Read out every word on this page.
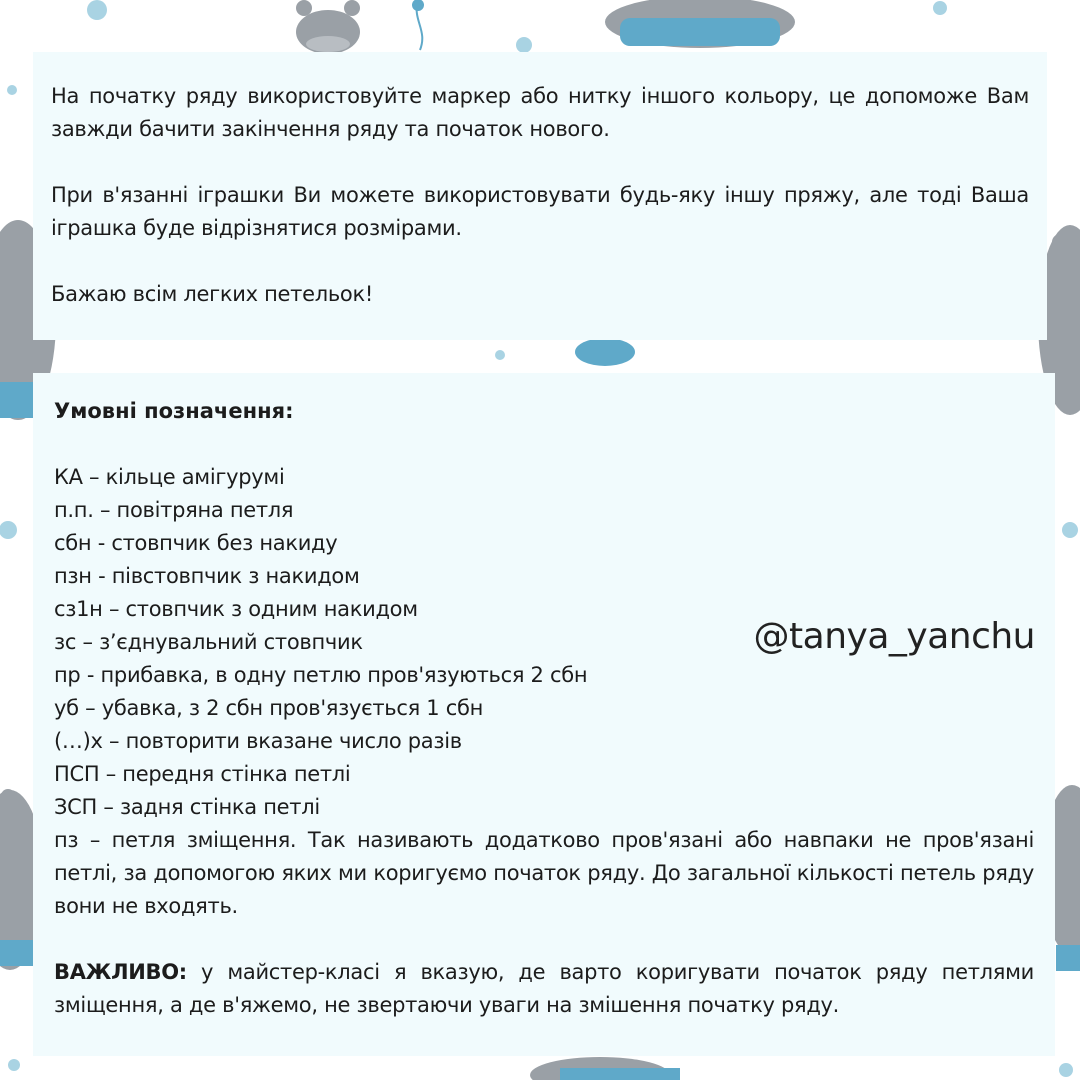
На початку ряду використовуйте маркер або нитку іншого кольору, це допоможе Вам завжди бачити закінчення ряду та початок нового.

При в'язанні іграшки Ви можете використовувати будь-яку іншу пряжу, але тоді Ваша іграшка буде відрізнятися розмірами.

Бажаю всім легких петельок!

Умовні позначення:

КА – кільце амігурумі

п.п. – повітряна петля

сбн - стовпчик без накиду

пзн - півстовпчик з накидом

сз1н – стовпчик з одним накидом

зс – з’єднувальний стовпчик

пр - прибавка, в одну петлю пров'язуються 2 сбн

уб – убавка, з 2 сбн пров'язується 1 сбн

(…)х – повторити вказане число разів

ПСП – передня стінка петлі

ЗСП – задня стінка петлі

пз – петля зміщення. Так називають додатково пров'язані або навпаки не пров'язані петлі, за допомогою яких ми коригуємо початок ряду. До загальної кількості петель ряду вони не входять.

ВАЖЛИВО: у майстер-класі я вказую, де варто коригувати початок ряду петлями зміщення, а де в'яжемо, не звертаючи уваги на змішення початку ряду.

@tanya_yanchu
